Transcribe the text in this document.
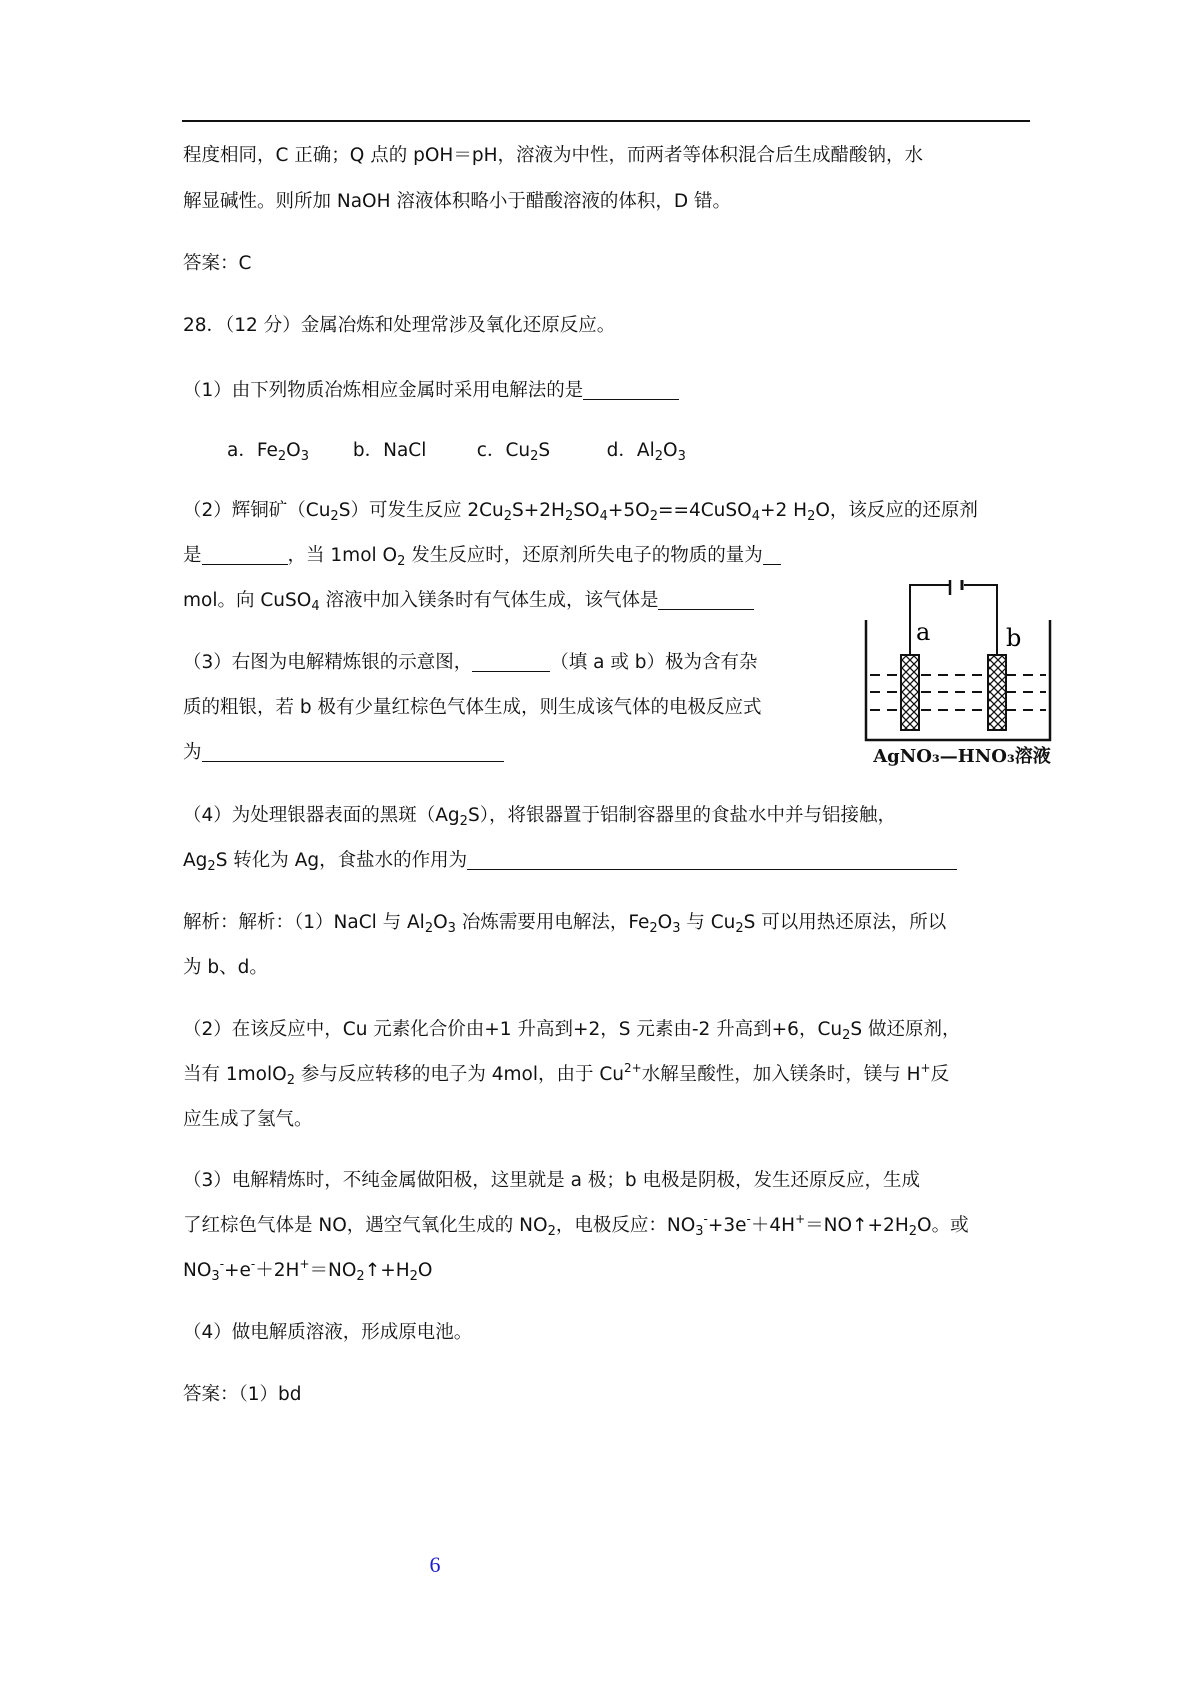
程度相同，C 正确；Q 点的 pOH＝pH，溶液为中性，而两者等体积混合后生成醋酸钠，水
解显碱性。则所加 NaOH 溶液体积略小于醋酸溶液的体积，D 错。
答案：C
28．（12 分）金属冶炼和处理常涉及氧化还原反应。
（1）由下列物质冶炼相应金属时采用电解法的是
a．$Fe_2O_3$ b．NaCl	c．$Cu_2S$	d．$Al_2O_3$
（2）辉铜矿$(Cu_2S)$可发生反应 $2Cu_2S+2H_2SO_4+5O_2==4CuSO_4+2$ $H_2O$，该反应的还原剂
是	，当 1mol $O_2$ 发生反应时，还原剂所失电子的物质的量为
mol。向 CuSO$_4$ 溶液中加入镁条时有气体生成，该气体是
（3）右图为电解精炼银的示意图，	（填 a 或 b）极为含有杂
质的粗银，若 b 极有少量红棕色气体生成，则生成该气体的电极反应式
为
（4）为处理银器表面的黑斑$(Ag_2S)$，将银器置于铝制容器里的食盐水中并与铝接触，
$Ag_2S$ 转化为 Ag，食盐水的作用为
解析：解析：（1）NaCl 与 $Al_2O_3$ 冶炼需要用电解法，$Fe_2O_3$ 与 $Cu_2S$ 可以用热还原法，所以
为 b、d。
（2）在该反应中，Cu 元素化合价由+1 升高到+2，S 元素由-2 升高到+6，$Cu_2S$ 做还原剂，
当有 1molO$_2$ 参与反应转移的电子为 4mol，由于 $Cu^{2+}$水解呈酸性，加入镁条时，镁与 H+反
应生成了氢气。
（3）电解精炼时，不纯金属做阳极，这里就是 a 极；b 电极是阴极，发生还原反应，生成
了红棕色气体是 NO，遇空气氧化生成的 $NO_2$，电极反应：$NO_3^-+3e^-+4H^+=NO↑+2H_2O$。或
$NO_3^-+e^-+2H^+=NO_2↑+H_2O$
（4）做电解质溶液，形成原电池。
答案：（1）bd
a	b
AgNO₃—HNO₃溶液
6
